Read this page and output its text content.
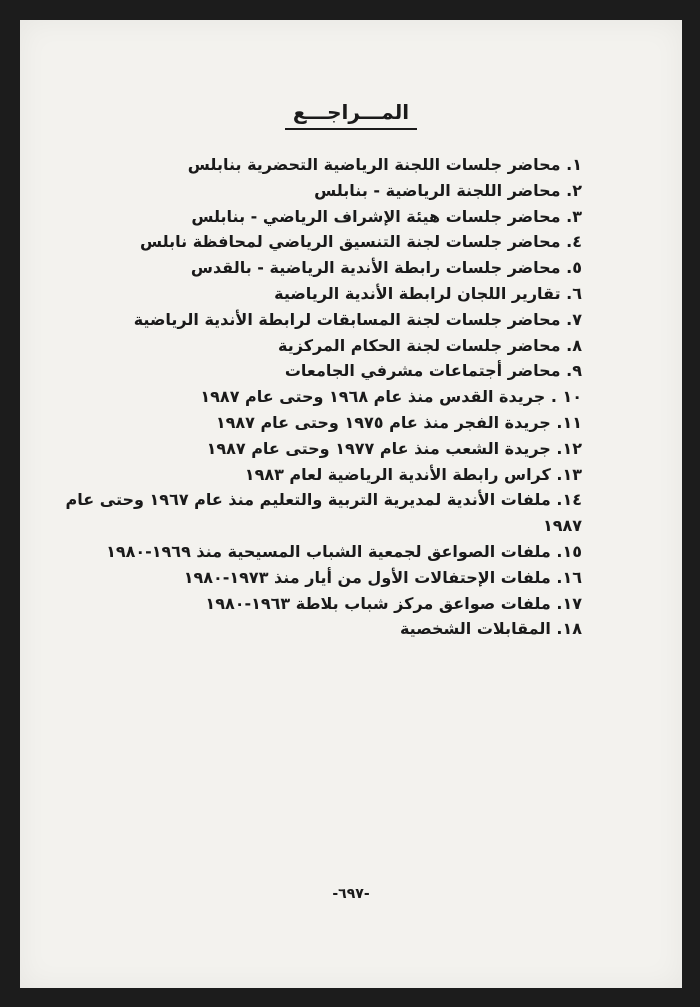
المـــراجـــع
١. محاضر جلسات اللجنة الرياضية التحضرية بنابلس
٢. محاضر اللجنة الرياضية - بنابلس
٣. محاضر جلسات هيئة الإشراف الرياضي - بنابلس
٤. محاضر جلسات لجنة التنسيق الرياضي لمحافظة نابلس
٥. محاضر جلسات رابطة الأندية الرياضية - بالقدس
٦. تقارير اللجان لرابطة الأندية الرياضية
٧. محاضر جلسات لجنة المسابقات لرابطة الأندية الرياضية
٨. محاضر جلسات لجنة الحكام المركزية
٩. محاضر أجتماعات مشرفي الجامعات
١٠ . جريدة القدس منذ عام ١٩٦٨ وحتى عام ١٩٨٧
١١. جريدة الفجر منذ عام ١٩٧٥ وحتى عام ١٩٨٧
١٢. جريدة الشعب منذ عام ١٩٧٧ وحتى عام ١٩٨٧
١٣. كراس رابطة الأندية الرياضية لعام ١٩٨٣
١٤. ملفات الأندية لمديرية التربية والتعليم منذ عام ١٩٦٧ وحتى عام ١٩٨٧
١٥. ملفات الصواعق لجمعية الشباب المسيحية منذ ١٩٦٩-١٩٨٠
١٦. ملفات الإحتفالات الأول من أيار منذ ١٩٧٣-١٩٨٠
١٧. ملفات صواعق مركز شباب بلاطة ١٩٦٣-١٩٨٠
١٨. المقابلات الشخصية
-٦٩٧-
